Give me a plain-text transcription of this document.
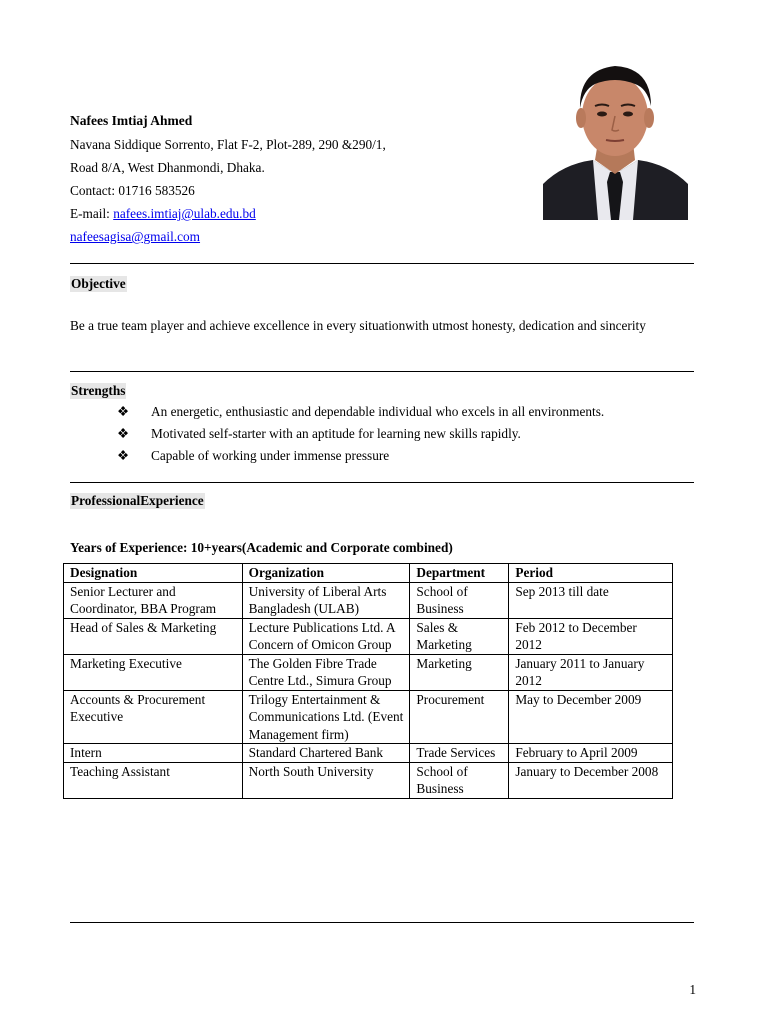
Nafees Imtiaj Ahmed
Navana Siddique Sorrento, Flat F-2, Plot-289, 290 &290/1,
Road 8/A, West Dhanmondi, Dhaka.
Contact: 01716 583526
E-mail: nafees.imtiaj@ulab.edu.bd
nafeesagisa@gmail.com
Objective
Be a true team player and achieve excellence in every situationwith utmost honesty, dedication and sincerity
Strengths
❖ An energetic, enthusiastic and dependable individual who excels in all environments.
❖ Motivated self-starter with an aptitude for learning new skills rapidly.
❖ Capable of working under immense pressure
ProfessionalExperience
Years of Experience: 10+years(Academic and Corporate combined)
Designation	Organization	Department	Period
Senior Lecturer and Coordinator, BBA Program	University of Liberal Arts Bangladesh (ULAB)	School of Business	Sep 2013 till date
Head of Sales & Marketing	Lecture Publications Ltd. A Concern of Omicon Group	Sales & Marketing	Feb 2012 to December 2012
Marketing Executive	The Golden Fibre Trade Centre Ltd., Simura Group	Marketing	January 2011 to January 2012
Accounts & Procurement Executive	Trilogy Entertainment & Communications Ltd. (Event Management firm)	Procurement	May to December 2009
Intern	Standard Chartered Bank	Trade Services	February to April 2009
Teaching Assistant	North South University	School of Business	January to December 2008
1
